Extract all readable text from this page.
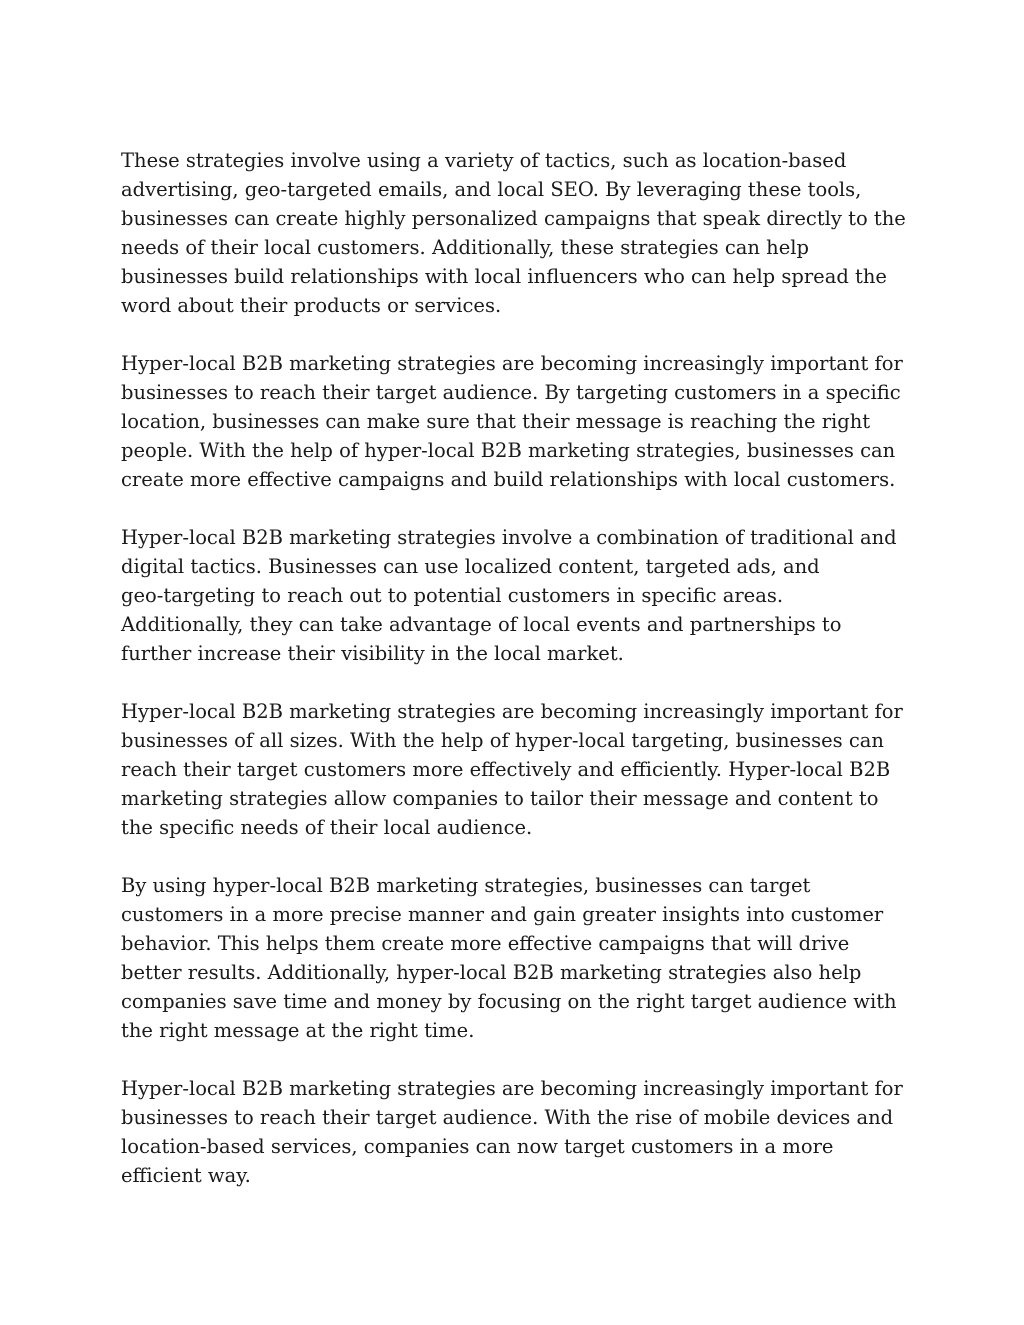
These strategies involve using a variety of tactics, such as location-based
advertising, geo-targeted emails, and local SEO. By leveraging these tools,
businesses can create highly personalized campaigns that speak directly to the
needs of their local customers. Additionally, these strategies can help
businesses build relationships with local influencers who can help spread the
word about their products or services.

Hyper-local B2B marketing strategies are becoming increasingly important for
businesses to reach their target audience. By targeting customers in a specific
location, businesses can make sure that their message is reaching the right
people. With the help of hyper-local B2B marketing strategies, businesses can
create more effective campaigns and build relationships with local customers.

Hyper-local B2B marketing strategies involve a combination of traditional and
digital tactics. Businesses can use localized content, targeted ads, and
geo-targeting to reach out to potential customers in specific areas.
Additionally, they can take advantage of local events and partnerships to
further increase their visibility in the local market.

Hyper-local B2B marketing strategies are becoming increasingly important for
businesses of all sizes. With the help of hyper-local targeting, businesses can
reach their target customers more effectively and efficiently. Hyper-local B2B
marketing strategies allow companies to tailor their message and content to
the specific needs of their local audience.

By using hyper-local B2B marketing strategies, businesses can target
customers in a more precise manner and gain greater insights into customer
behavior. This helps them create more effective campaigns that will drive
better results. Additionally, hyper-local B2B marketing strategies also help
companies save time and money by focusing on the right target audience with
the right message at the right time.

Hyper-local B2B marketing strategies are becoming increasingly important for
businesses to reach their target audience. With the rise of mobile devices and
location-based services, companies can now target customers in a more
efficient way.
